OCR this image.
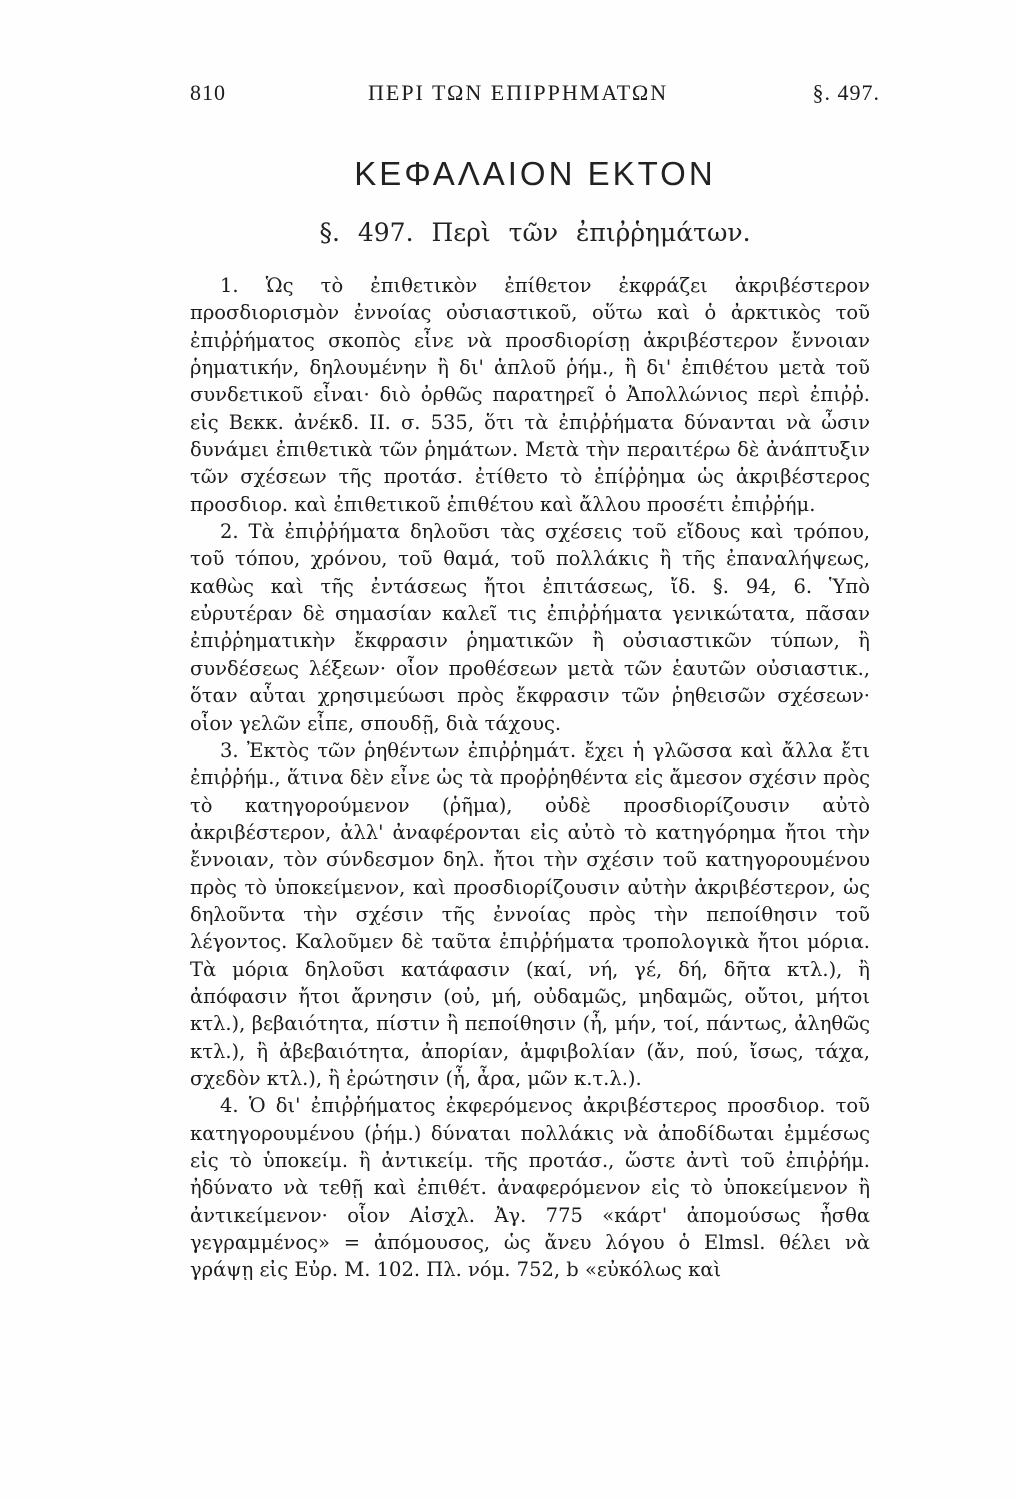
810	ΠΕΡΙ ΤΩΝ ΕΠΙΡΡΗΜΑΤΩΝ	§. 497.
ΚΕΦΑΛΑΙΟΝ ΕΚΤΟΝ
§. 497. Περὶ τῶν ἐπιῤῥημάτων.

1. Ὡς τὸ ἐπιθετικὸν ἐπίθετον ἐκφράζει ἀκριβέστερον προσδιορισμὸν ἐννοίας οὐσιαστικοῦ, οὕτω καὶ ὁ ἀρκτικὸς τοῦ ἐπιῤῥήματος σκοπὸς εἶνε νὰ προσδιορίσῃ ἀκριβέστερον ἔννοιαν ῥηματικήν, δηλουμένην ἢ δι' ἁπλοῦ ῥήμ., ἢ δι' ἐπιθέτου μετὰ τοῦ συνδετικοῦ εἶναι· διὸ ὀρθῶς παρατηρεῖ ὁ Ἀπολλώνιος περὶ ἐπιῤῥ. εἰς Βεκκ. ἀνέκδ. II. σ. 535, ὅτι τὰ ἐπιῤῥήματα δύνανται νὰ ὦσιν δυνάμει ἐπιθετικὰ τῶν ῥημάτων. Μετὰ τὴν περαιτέρω δὲ ἀνάπτυξιν τῶν σχέσεων τῆς προτάσ. ἐτίθετο τὸ ἐπίῤῥημα ὡς ἀκριβέστερος προσδιορ. καὶ ἐπιθετικοῦ ἐπιθέτου καὶ ἄλλου προσέτι ἐπιῤῥήμ.

2. Τὰ ἐπιῤῥήματα δηλοῦσι τὰς σχέσεις τοῦ εἴδους καὶ τρόπου, τοῦ τόπου, χρόνου, τοῦ θαμά, τοῦ πολλάκις ἢ τῆς ἐπαναλήψεως, καθὼς καὶ τῆς ἐντάσεως ἤτοι ἐπιτάσεως, ἴδ. §. 94, 6. Ὑπὸ εὐρυτέραν δὲ σημασίαν καλεῖ τις ἐπιῤῥήματα γενικώτατα, πᾶσαν ἐπιῤῥηματικὴν ἔκφρασιν ῥηματικῶν ἢ οὐσιαστικῶν τύπων, ἢ συνδέσεως λέξεων· οἷον προθέσεων μετὰ τῶν ἑαυτῶν οὐσιαστικ., ὅταν αὗται χρησιμεύωσι πρὸς ἔκφρασιν τῶν ῥηθεισῶν σχέσεων· οἷον γελῶν εἶπε, σπουδῇ, διὰ τάχους.

3. Ἐκτὸς τῶν ῥηθέντων ἐπιῤῥημάτ. ἔχει ἡ γλῶσσα καὶ ἄλλα ἔτι ἐπιῤῥήμ., ἅτινα δὲν εἶνε ὡς τὰ προῤῥηθέντα εἰς ἄμεσον σχέσιν πρὸς τὸ κατηγορούμενον (ῥῆμα), οὐδὲ προσδιορίζουσιν αὐτὸ ἀκριβέστερον, ἀλλ' ἀναφέρονται εἰς αὐτὸ τὸ κατηγόρημα ἤτοι τὴν ἔννοιαν, τὸν σύνδεσμον δηλ. ἤτοι τὴν σχέσιν τοῦ κατηγορουμένου πρὸς τὸ ὑποκείμενον, καὶ προσδιορίζουσιν αὐτὴν ἀκριβέστερον, ὡς δηλοῦντα τὴν σχέσιν τῆς ἐννοίας πρὸς τὴν πεποίθησιν τοῦ λέγοντος. Καλοῦμεν δὲ ταῦτα ἐπιῤῥήματα τροπολογικὰ ἤτοι μόρια. Τὰ μόρια δηλοῦσι κατάφασιν (καί, νή, γέ, δή, δῆτα κτλ.), ἢ ἀπόφασιν ἤτοι ἄρνησιν (οὐ, μή, οὐδαμῶς, μηδαμῶς, οὔτοι, μήτοι κτλ.), βεβαιότητα, πίστιν ἢ πεποίθησιν (ἦ, μήν, τοί, πάντως, ἀληθῶς κτλ.), ἢ ἀβεβαιότητα, ἀπορίαν, ἀμφιβολίαν (ἄν, πού, ἴσως, τάχα, σχεδὸν κτλ.), ἢ ἐρώτησιν (ἦ, ἆρα, μῶν κ.τ.λ.).

4. Ὁ δι' ἐπιῤῥήματος ἐκφερόμενος ἀκριβέστερος προσδιορ. τοῦ κατηγορουμένου (ῥήμ.) δύναται πολλάκις νὰ ἀποδίδωται ἐμμέσως εἰς τὸ ὑποκείμ. ἢ ἀντικείμ. τῆς προτάσ., ὥστε ἀντὶ τοῦ ἐπιῤῥήμ. ἠδύνατο νὰ τεθῇ καὶ ἐπιθέτ. ἀναφερόμενον εἰς τὸ ὑποκείμενον ἢ ἀντικείμενον· οἷον Αἰσχλ. Ἀγ. 775 «κάρτ' ἀπομούσως ἦσθα γεγραμμένος» = ἀπόμουσος, ὡς ἄνευ λόγου ὁ Elmsl. θέλει νὰ γράψῃ εἰς Εὐρ. Μ. 102. Πλ. νόμ. 752, b «εὐκόλως καὶ
